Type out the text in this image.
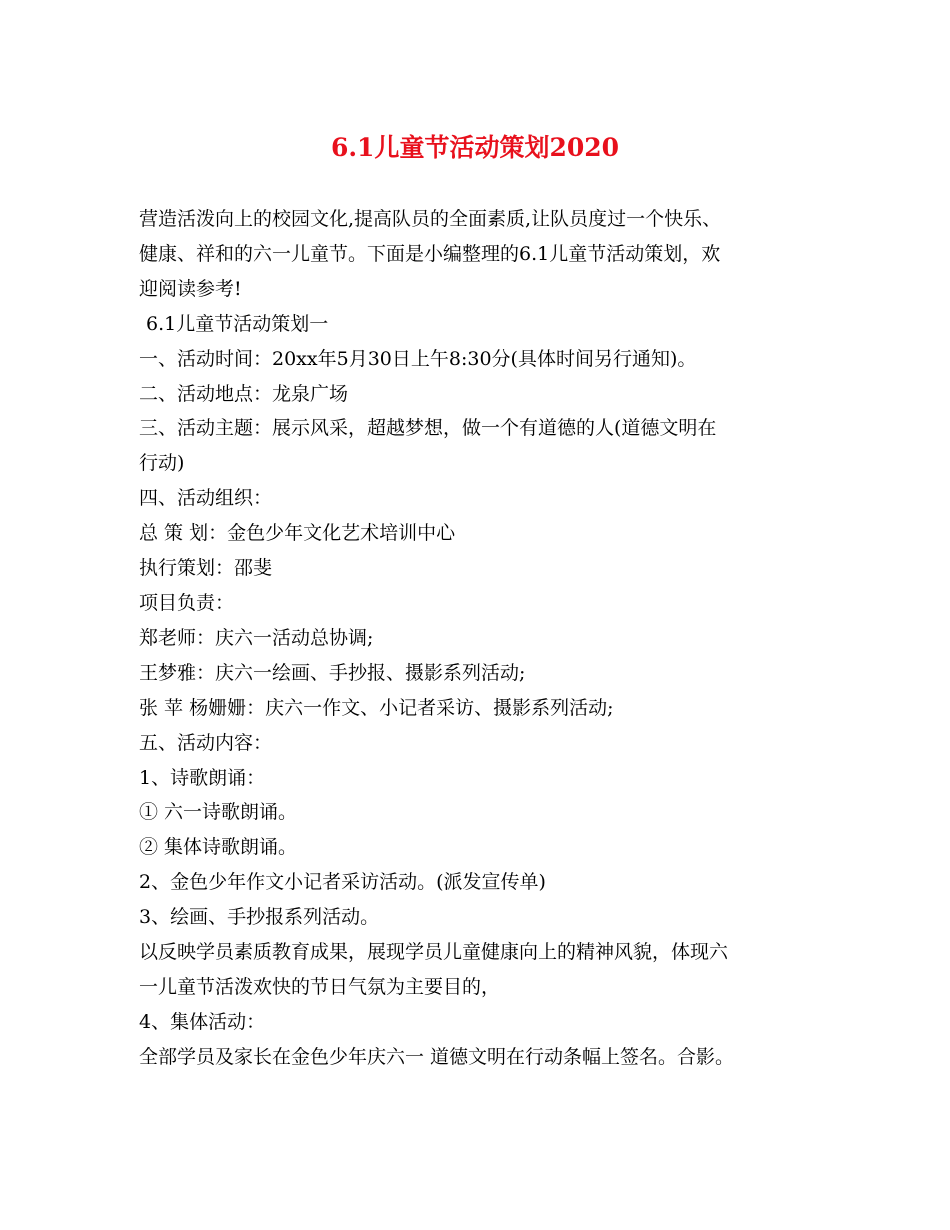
6.1儿童节活动策划2020
营造活泼向上的校园文化,提高队员的全面素质,让队员度过一个快乐、
健康、祥和的六一儿童节。下面是小编整理的6.1儿童节活动策划，欢
迎阅读参考!
6.1儿童节活动策划一
一、活动时间：20xx年5月30日上午8:30分(具体时间另行通知)。
二、活动地点：龙泉广场
三、活动主题：展示风采，超越梦想，做一个有道德的人(道德文明在
行动)
四、活动组织：
总 策 划：金色少年文化艺术培训中心
执行策划：邵斐
项目负责：
郑老师：庆六一活动总协调;
王梦雅：庆六一绘画、手抄报、摄影系列活动;
张 苹 杨姗姗：庆六一作文、小记者采访、摄影系列活动;
五、活动内容：
1、诗歌朗诵：
① 六一诗歌朗诵。
② 集体诗歌朗诵。
2、金色少年作文小记者采访活动。(派发宣传单)
3、绘画、手抄报系列活动。
以反映学员素质教育成果，展现学员儿童健康向上的精神风貌，体现六
一儿童节活泼欢快的节日气氛为主要目的，
4、集体活动：
全部学员及家长在金色少年庆六一 道德文明在行动条幅上签名。合影。
